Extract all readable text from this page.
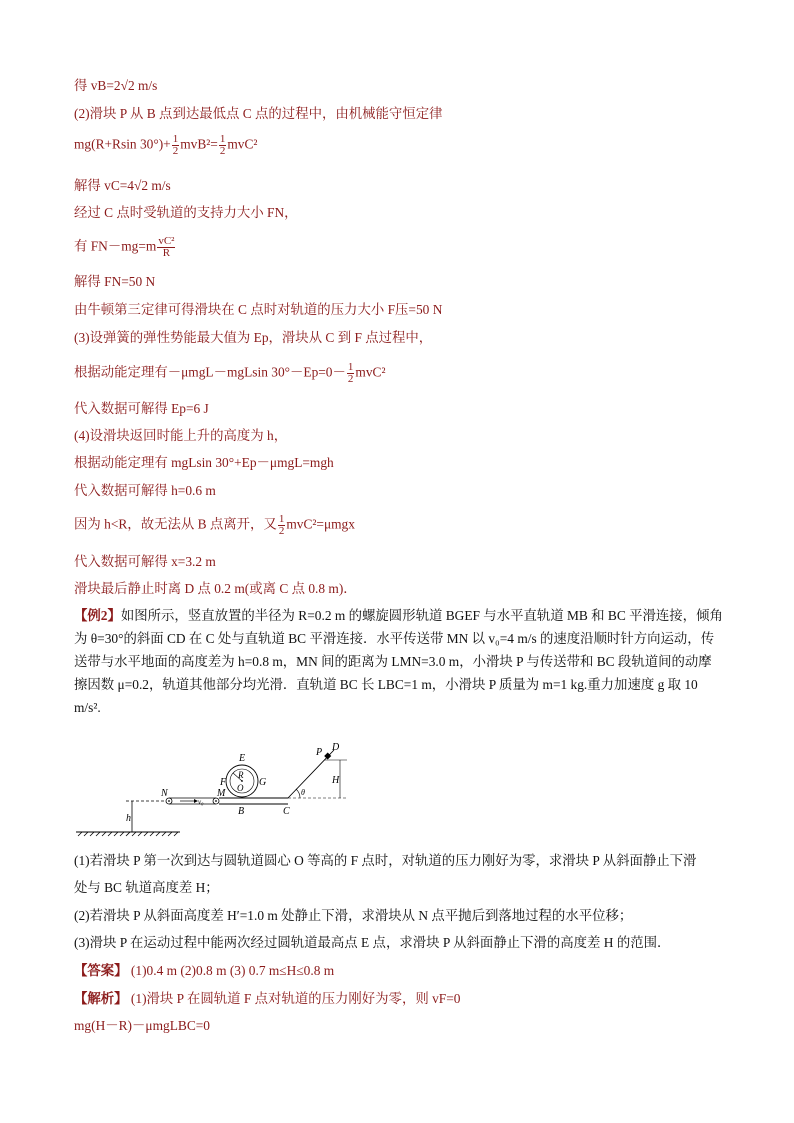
得 vB=2√2 m/s
(2)滑块 P 从 B 点到达最低点 C 点的过程中，由机械能守恒定律
mg(R+Rsin $30^\circ)+ \frac{1}{2} mvB^2= \frac{1}{2} mvC^2$
解得 vC=4√2 m/s
经过 C 点时受轨道的支持力大小 FN，
有 $FN-mg=m \frac{\text{vC²}}{R}$
解得 FN=50 N
由牛顿第三定律可得滑块在 C 点时对轨道的压力大小 F压=50 N
(3)设弹簧的弹性势能最大值为 Ep，滑块从 C 到 F 点过程中，
根据动能定理有－μmgL－mgLsin $30^\circ-Ep=0- \frac{1}{2} mvC^2$
代入数据可解得 Ep=6 J
(4)设滑块返回时能上升的高度为 h，
根据动能定理有 mgLsin 30°+Ep－μmgL=mgh
代入数据可解得 h=0.6 m
因为 h<R，故无法从 B 点离开，又 $\frac{1}{2} mvC^2=\mu mgx$
代入数据可解得 x=3.2 m
滑块最后静止时离 D 点 0.2 m(或离 C 点 0.8 m)．
【例2】如图所示，竖直放置的半径为 R=0.2 m 的螺旋圆形轨道 BGEF 与水平直轨道 MB 和 BC 平滑连接，倾角为 θ=30°的斜面 CD 在 C 处与直轨道 BC 平滑连接．水平传送带 MN 以 v₀=4 m/s 的速度沿顺时针方向运动，传送带与水平地面的高度差为 h=0.8 m，MN 间的距离为 LMN=3.0 m，小滑块 P 与传送带和 BC 段轨道间的动摩擦因数 μ=0.2，轨道其他部分均光滑．直轨道 BC 长 LBC=1 m，小滑块 P 质量为 m=1 kg.重力加速度 g 取 10 m/s².
h
v₀
N	M
E
R
O
F	G
B
θ
C
H
P D
(1)若滑块 P 第一次到达与圆轨道圆心 O 等高的 F 点时，对轨道的压力刚好为零，求滑块 P 从斜面静止下滑
处与 BC 轨道高度差 H；
(2)若滑块 P 从斜面高度差 H′=1.0 m 处静止下滑，求滑块从 N 点平抛后到落地过程的水平位移；
(3)滑块 P 在运动过程中能两次经过圆轨道最高点 E 点，求滑块 P 从斜面静止下滑的高度差 H 的范围．
【答案】 (1)0.4 m (2)0.8 m (3) 0.7 m≤H≤0.8 m
【解析】 (1)滑块 P 在圆轨道 F 点对轨道的压力刚好为零，则 vF=0
mg(H－R)－μmgLBC=0
